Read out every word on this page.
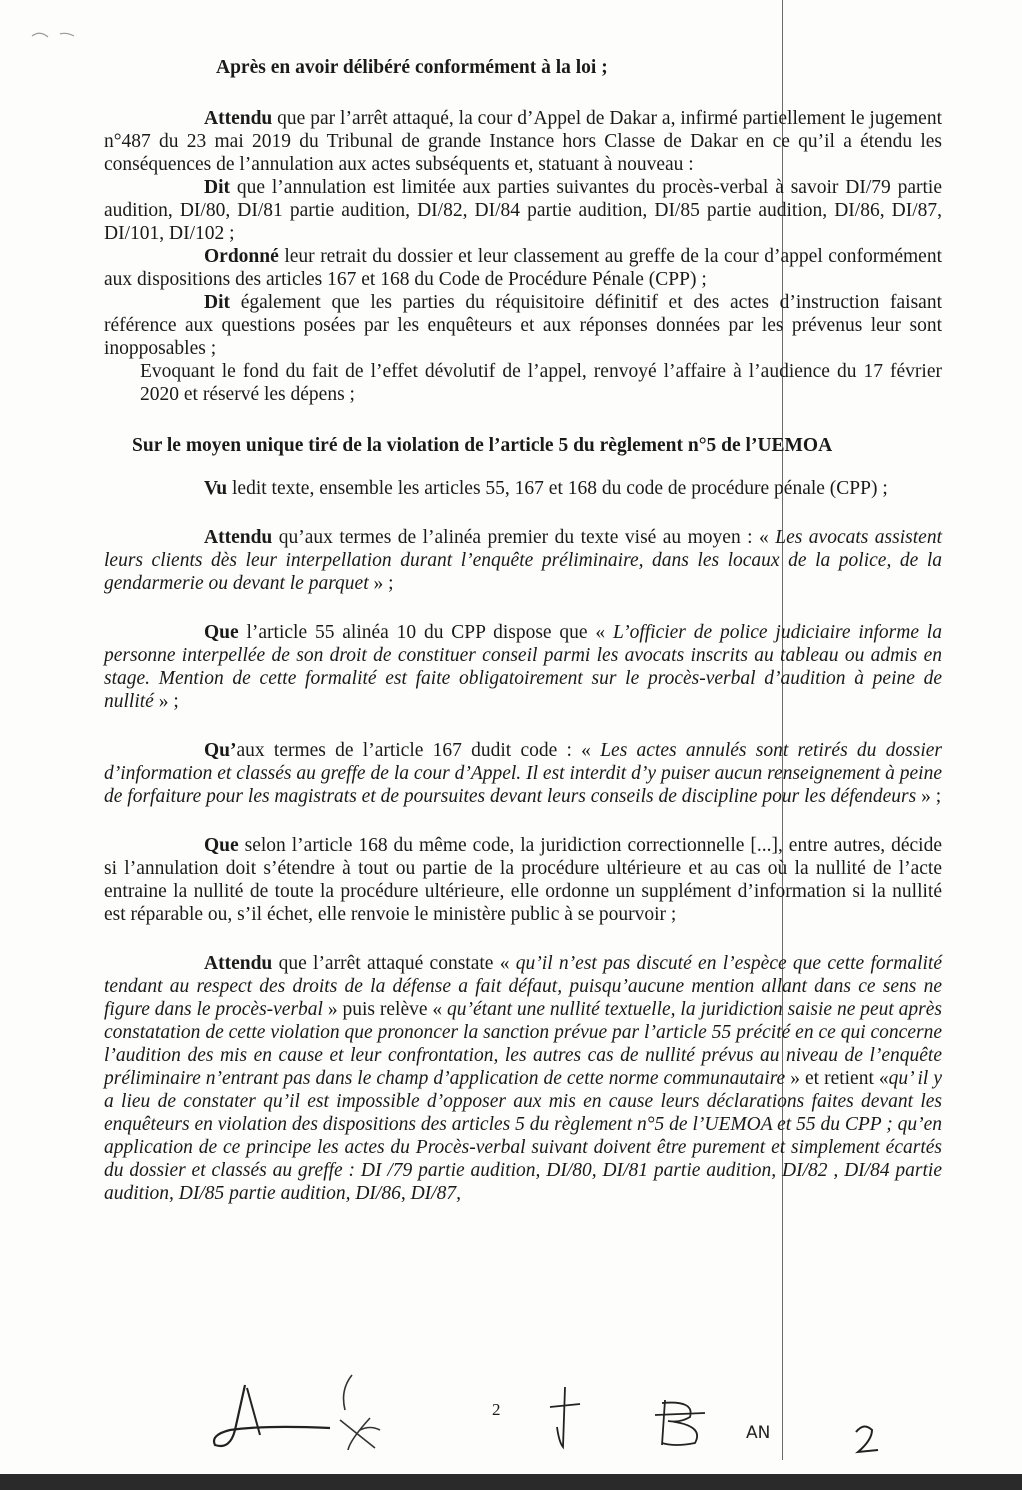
Après en avoir délibéré conformément à la loi ;

Attendu que par l’arrêt attaqué, la cour d’Appel de Dakar a, infirmé partiellement le jugement n°487 du 23 mai 2019 du Tribunal de grande Instance hors Classe de Dakar en ce qu’il a étendu les conséquences de l’annulation aux actes subséquents et, statuant à nouveau :

Dit que l’annulation est limitée aux parties suivantes du procès-verbal à savoir DI/79 partie audition, DI/80, DI/81 partie audition, DI/82, DI/84 partie audition, DI/85 partie audition, DI/86, DI/87, DI/101, DI/102 ;

Ordonné leur retrait du dossier et leur classement au greffe de la cour d’appel conformément aux dispositions des articles 167 et 168 du Code de Procédure Pénale (CPP) ;

Dit également que les parties du réquisitoire définitif et des actes d’instruction faisant référence aux questions posées par les enquêteurs et aux réponses données par les prévenus leur sont inopposables ;

Evoquant le fond du fait de l’effet dévolutif de l’appel, renvoyé l’affaire à l’audience du 17 février 2020 et réservé les dépens ;

Sur le moyen unique tiré de la violation de l’article 5 du règlement n°5 de l’UEMOA

Vu ledit texte, ensemble les articles 55, 167 et 168 du code de procédure pénale (CPP) ;

Attendu qu’aux termes de l’alinéa premier du texte visé au moyen : « Les avocats assistent leurs clients dès leur interpellation durant l’enquête préliminaire, dans les locaux de la police, de la gendarmerie ou devant le parquet » ;

Que l’article 55 alinéa 10 du CPP dispose que « L’officier de police judiciaire informe la personne interpellée de son droit de constituer conseil parmi les avocats inscrits au tableau ou admis en stage. Mention de cette formalité est faite obligatoirement sur le procès-verbal d’audition à peine de nullité » ;

Qu’aux termes de l’article 167 dudit code : « Les actes annulés sont retirés du dossier d’information et classés au greffe de la cour d’Appel. Il est interdit d’y puiser aucun renseignement à peine de forfaiture pour les magistrats et de poursuites devant leurs conseils de discipline pour les défendeurs » ;

Que selon l’article 168 du même code, la juridiction correctionnelle [...], entre autres, décide si l’annulation doit s’étendre à tout ou partie de la procédure ultérieure et au cas où la nullité de l’acte entraine la nullité de toute la procédure ultérieure, elle ordonne un supplément d’information si la nullité est réparable ou, s’il échet, elle renvoie le ministère public à se pourvoir ;

Attendu que l’arrêt attaqué constate « qu’il n’est pas discuté en l’espèce que cette formalité tendant au respect des droits de la défense a fait défaut, puisqu’aucune mention allant dans ce sens ne figure dans le procès-verbal » puis relève « qu’étant une nullité textuelle, la juridiction saisie ne peut après constatation de cette violation que prononcer la sanction prévue par l’article 55 précité en ce qui concerne l’audition des mis en cause et leur confrontation, les autres cas de nullité prévus au niveau de l’enquête préliminaire n’entrant pas dans le champ d’application de cette norme communautaire » et retient «qu’ il y a lieu de constater qu’il est impossible d’opposer aux mis en cause leurs déclarations faites devant les enquêteurs en violation des dispositions des articles 5 du règlement n°5 de l’UEMOA et 55 du CPP ; qu’en application de ce principe les actes du Procès-verbal suivant doivent être purement et simplement écartés du dossier et classés au greffe : DI /79 partie audition, DI/80, DI/81 partie audition, DI/82 , DI/84 partie audition, DI/85 partie audition, DI/86, DI/87,

2
AN
